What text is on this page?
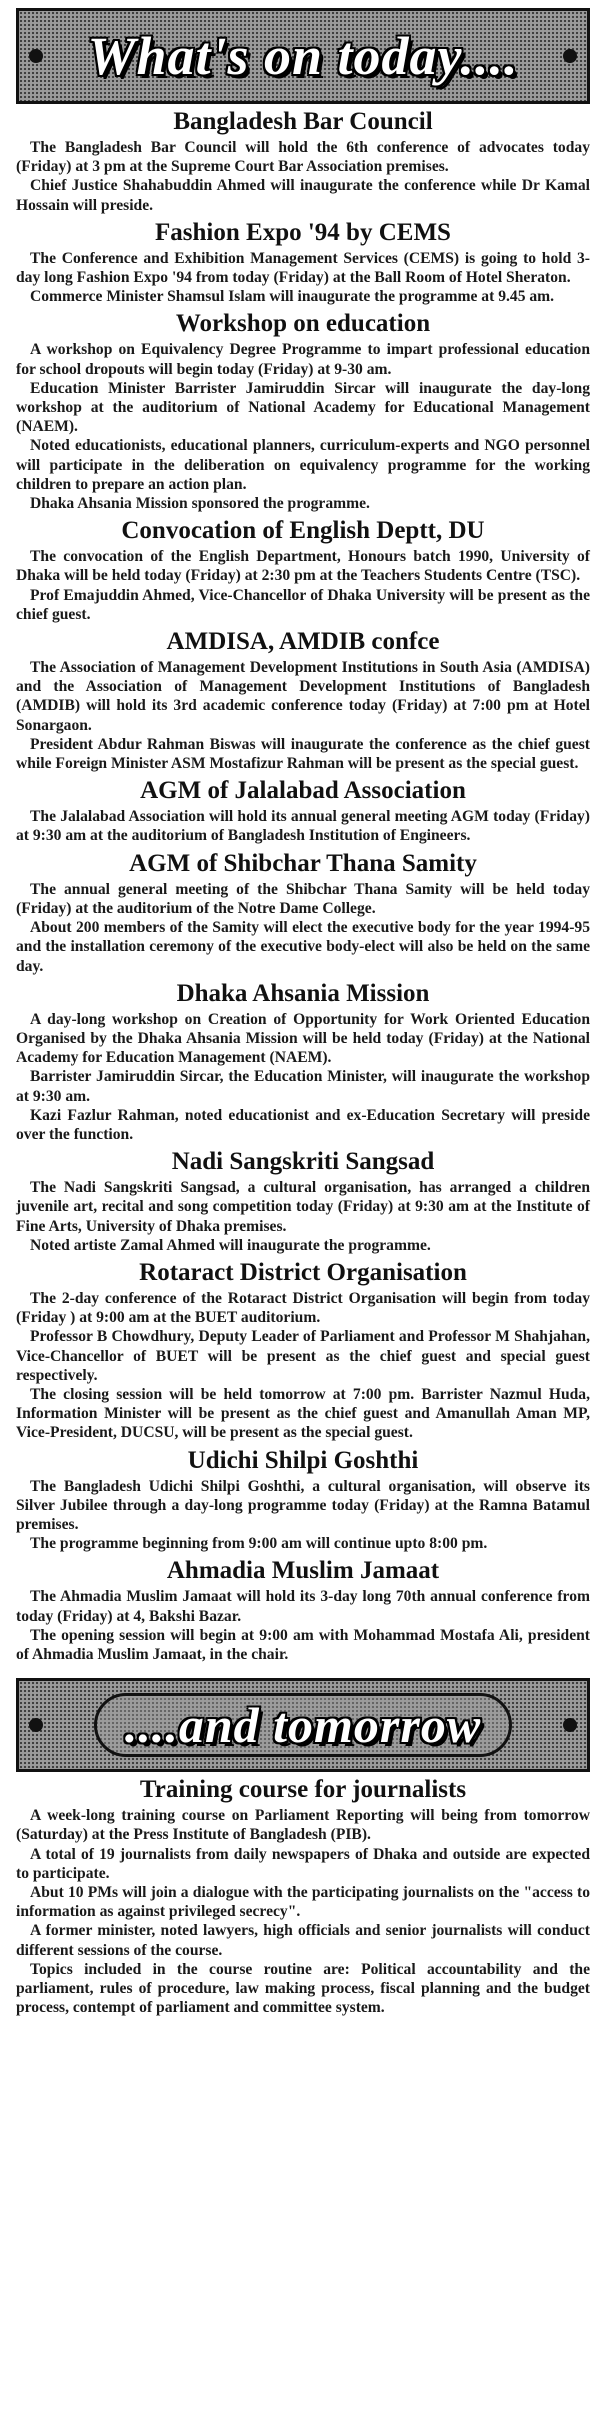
What's on today....
Bangladesh Bar Council

The Bangladesh Bar Council will hold the 6th conference of advocates today (Friday) at 3 pm at the Supreme Court Bar Association premises.

Chief Justice Shahabuddin Ahmed will inaugurate the conference while Dr Kamal Hossain will preside.

Fashion Expo '94 by CEMS

The Conference and Exhibition Management Services (CEMS) is going to hold 3-day long Fashion Expo '94 from today (Friday) at the Ball Room of Hotel Sheraton.

Commerce Minister Shamsul Islam will inaugurate the programme at 9.45 am.

Workshop on education

A workshop on Equivalency Degree Programme to impart professional education for school dropouts will begin today (Friday) at 9-30 am.

Education Minister Barrister Jamiruddin Sircar will inaugurate the day-long workshop at the auditorium of National Academy for Educational Management (NAEM).

Noted educationists, educational planners, curriculum-experts and NGO personnel will participate in the deliberation on equivalency programme for the working children to prepare an action plan.

Dhaka Ahsania Mission sponsored the programme.

Convocation of English Deptt, DU

The convocation of the English Department, Honours batch 1990, University of Dhaka will be held today (Friday) at 2:30 pm at the Teachers Students Centre (TSC).

Prof Emajuddin Ahmed, Vice-Chancellor of Dhaka University will be present as the chief guest.

AMDISA, AMDIB confce

The Association of Management Development Institutions in South Asia (AMDISA) and the Association of Management Development Institutions of Bangladesh (AMDIB) will hold its 3rd academic conference today (Friday) at 7:00 pm at Hotel Sonargaon.

President Abdur Rahman Biswas will inaugurate the conference as the chief guest while Foreign Minister ASM Mostafizur Rahman will be present as the special guest.

AGM of Jalalabad Association

The Jalalabad Association will hold its annual general meeting AGM today (Friday) at 9:30 am at the auditorium of Bangladesh Institution of Engineers.

AGM of Shibchar Thana Samity

The annual general meeting of the Shibchar Thana Samity will be held today (Friday) at the auditorium of the Notre Dame College.

About 200 members of the Samity will elect the executive body for the year 1994-95 and the installation ceremony of the executive body-elect will also be held on the same day.

Dhaka Ahsania Mission

A day-long workshop on Creation of Opportunity for Work Oriented Education Organised by the Dhaka Ahsania Mission will be held today (Friday) at the National Academy for Education Management (NAEM).

Barrister Jamiruddin Sircar, the Education Minister, will inaugurate the workshop at 9:30 am.

Kazi Fazlur Rahman, noted educationist and ex-Education Secretary will preside over the function.

Nadi Sangskriti Sangsad

The Nadi Sangskriti Sangsad, a cultural organisation, has arranged a children juvenile art, recital and song competition today (Friday) at 9:30 am at the Institute of Fine Arts, University of Dhaka premises.

Noted artiste Zamal Ahmed will inaugurate the programme.

Rotaract District Organisation

The 2-day conference of the Rotaract District Organisation will begin from today (Friday ) at 9:00 am at the BUET auditorium.

Professor B Chowdhury, Deputy Leader of Parliament and Professor M Shahjahan, Vice-Chancellor of BUET will be present as the chief guest and special guest respectively.

The closing session will be held tomorrow at 7:00 pm. Barrister Nazmul Huda, Information Minister will be present as the chief guest and Amanullah Aman MP, Vice-President, DUCSU, will be present as the special guest.

Udichi Shilpi Goshthi

The Bangladesh Udichi Shilpi Goshthi, a cultural organisation, will observe its Silver Jubilee through a day-long programme today (Friday) at the Ramna Batamul premises.

The programme beginning from 9:00 am will continue upto 8:00 pm.

Ahmadia Muslim Jamaat

The Ahmadia Muslim Jamaat will hold its 3-day long 70th annual conference from today (Friday) at 4, Bakshi Bazar.

The opening session will begin at 9:00 am with Mohammad Mostafa Ali, president of Ahmadia Muslim Jamaat, in the chair.

....and tomorrow
Training course for journalists

A week-long training course on Parliament Reporting will being from tomorrow (Saturday) at the Press Institute of Bangladesh (PIB).

A total of 19 journalists from daily newspapers of Dhaka and outside are expected to participate.

Abut 10 PMs will join a dialogue with the participating journalists on the "access to information as against privileged secrecy".

A former minister, noted lawyers, high officials and senior journalists will conduct different sessions of the course.

Topics included in the course routine are: Political accountability and the parliament, rules of procedure, law making process, fiscal planning and the budget process, contempt of parliament and committee system.
